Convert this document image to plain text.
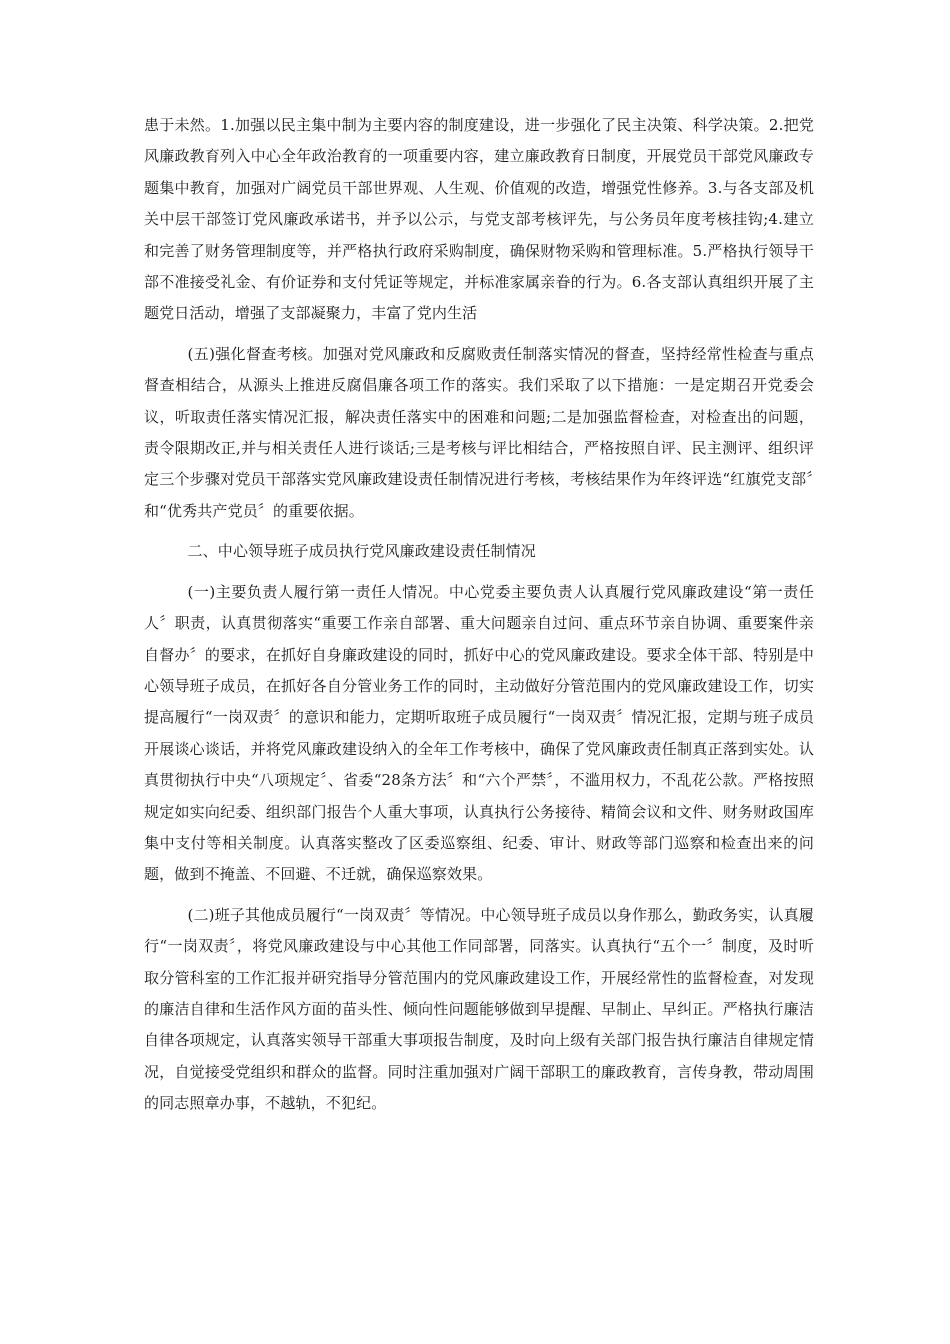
患于未然。1.加强以民主集中制为主要内容的制度建设，进一步强化了民主决策、科学决策。2.把党风廉政教育列入中心全年政治教育的一项重要内容，建立廉政教育日制度，开展党员干部党风廉政专题集中教育，加强对广阔党员干部世界观、人生观、价值观的改造，增强党性修养。3.与各支部及机关中层干部签订党风廉政承诺书，并予以公示，与党支部考核评先，与公务员年度考核挂钩;4.建立和完善了财务管理制度等，并严格执行政府采购制度，确保财物采购和管理标准。5.严格执行领导干部不准接受礼金、有价证券和支付凭证等规定，并标准家属亲眷的行为。6.各支部认真组织开展了主题党日活动，增强了支部凝聚力，丰富了党内生活

(五)强化督查考核。加强对党风廉政和反腐败责任制落实情况的督查，坚持经常性检查与重点督查相结合，从源头上推进反腐倡廉各项工作的落实。我们采取了以下措施：一是定期召开党委会议，听取责任落实情况汇报，解决责任落实中的困难和问题;二是加强监督检查，对检查出的问题，责令限期改正,并与相关责任人进行谈话;三是考核与评比相结合，严格按照自评、民主测评、组织评定三个步骤对党员干部落实党风廉政建设责任制情况进行考核，考核结果作为年终评选“红旗党支部〞和“优秀共产党员〞的重要依据。

二、中心领导班子成员执行党风廉政建设责任制情况

(一)主要负责人履行第一责任人情况。中心党委主要负责人认真履行党风廉政建设“第一责任人〞职责，认真贯彻落实“重要工作亲自部署、重大问题亲自过问、重点环节亲自协调、重要案件亲自督办〞的要求，在抓好自身廉政建设的同时，抓好中心的党风廉政建设。要求全体干部、特别是中心领导班子成员，在抓好各自分管业务工作的同时，主动做好分管范围内的党风廉政建设工作，切实提高履行“一岗双责〞的意识和能力，定期听取班子成员履行“一岗双责〞情况汇报，定期与班子成员开展谈心谈话，并将党风廉政建设纳入的全年工作考核中，确保了党风廉政责任制真正落到实处。认真贯彻执行中央“八项规定〞、省委“28条方法〞和“六个严禁〞，不滥用权力，不乱花公款。严格按照规定如实向纪委、组织部门报告个人重大事项，认真执行公务接待、精简会议和文件、财务财政国库集中支付等相关制度。认真落实整改了区委巡察组、纪委、审计、财政等部门巡察和检查出来的问题，做到不掩盖、不回避、不迁就，确保巡察效果。

(二)班子其他成员履行“一岗双责〞等情况。中心领导班子成员以身作那么，勤政务实，认真履行“一岗双责〞，将党风廉政建设与中心其他工作同部署，同落实。认真执行“五个一〞制度，及时听取分管科室的工作汇报并研究指导分管范围内的党风廉政建设工作，开展经常性的监督检查，对发现的廉洁自律和生活作风方面的苗头性、倾向性问题能够做到早提醒、早制止、早纠正。严格执行廉洁自律各项规定，认真落实领导干部重大事项报告制度，及时向上级有关部门报告执行廉洁自律规定情况，自觉接受党组织和群众的监督。同时注重加强对广阔干部职工的廉政教育，言传身教，带动周围的同志照章办事，不越轨，不犯纪。
